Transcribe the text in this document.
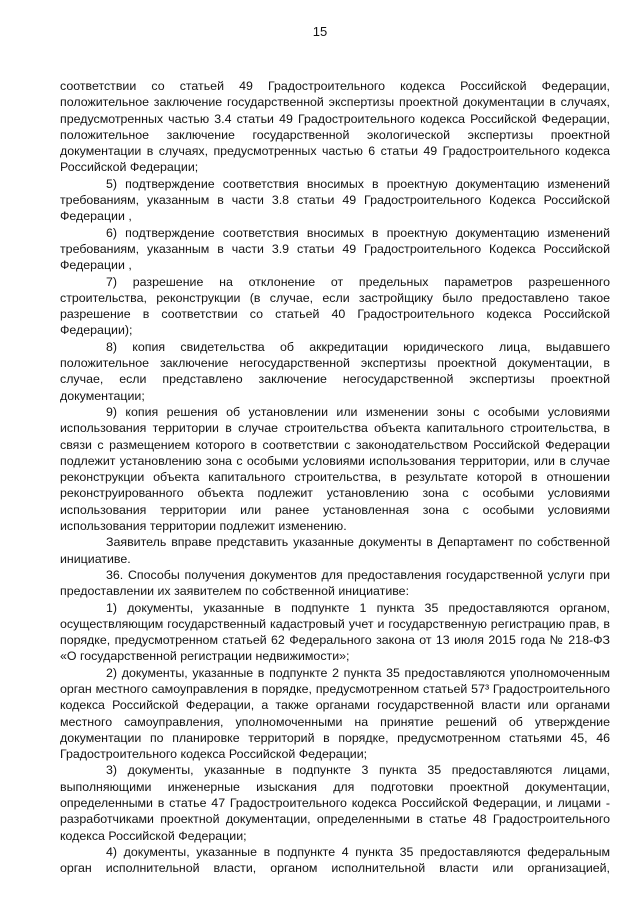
15

соответствии со статьей 49 Градостроительного кодекса Российской Федерации, положительное заключение государственной экспертизы проектной документации в случаях, предусмотренных частью 3.4 статьи 49 Градостроительного кодекса Российской Федерации, положительное заключение государственной экологической экспертизы проектной документации в случаях, предусмотренных частью 6 статьи 49 Градостроительного кодекса Российской Федерации;

5) подтверждение соответствия вносимых в проектную документацию изменений требованиям, указанным в части 3.8 статьи 49 Градостроительного Кодекса Российской Федерации ,

6) подтверждение соответствия вносимых в проектную документацию изменений требованиям, указанным в части 3.9 статьи 49 Градостроительного Кодекса Российской Федерации ,

7) разрешение на отклонение от предельных параметров разрешенного строительства, реконструкции (в случае, если застройщику было предоставлено такое разрешение в соответствии со статьей 40 Градостроительного кодекса Российской Федерации);

8) копия свидетельства об аккредитации юридического лица, выдавшего положительное заключение негосударственной экспертизы проектной документации, в случае, если представлено заключение негосударственной экспертизы проектной документации;

9) копия решения об установлении или изменении зоны с особыми условиями использования территории в случае строительства объекта капитального строительства, в связи с размещением которого в соответствии с законодательством Российской Федерации подлежит установлению зона с особыми условиями использования территории, или в случае реконструкции объекта капитального строительства, в результате которой в отношении реконструированного объекта подлежит установлению зона с особыми условиями использования территории или ранее установленная зона с особыми условиями использования территории подлежит изменению.

Заявитель вправе представить указанные документы в Департамент по собственной инициативе.

36. Способы получения документов для предоставления государственной услуги при предоставлении их заявителем по собственной инициативе:

1) документы, указанные в подпункте 1 пункта 35 предоставляются органом, осуществляющим государственный кадастровый учет и государственную регистрацию прав, в порядке, предусмотренном статьей 62 Федерального закона от 13 июля 2015 года № 218-ФЗ «О государственной регистрации недвижимости»;

2) документы, указанные в подпункте 2 пункта 35 предоставляются уполномоченным орган местного самоуправления в порядке, предусмотренном статьей 57³ Градостроительного кодекса Российской Федерации, а также органами государственной власти или органами местного самоуправления, уполномоченными на принятие решений об утверждение документации по планировке территорий в порядке, предусмотренном статьями 45, 46 Градостроительного кодекса Российской Федерации;

3) документы, указанные в подпункте 3 пункта 35 предоставляются лицами, выполняющими инженерные изыскания для подготовки проектной документации, определенными в статье 47 Градостроительного кодекса Российской Федерации, и лицами - разработчиками проектной документации, определенными в статье 48 Градостроительного кодекса Российской Федерации;

4) документы, указанные в подпункте 4 пункта 35 предоставляются федеральным орган исполнительной власти, органом исполнительной власти или организацией,
